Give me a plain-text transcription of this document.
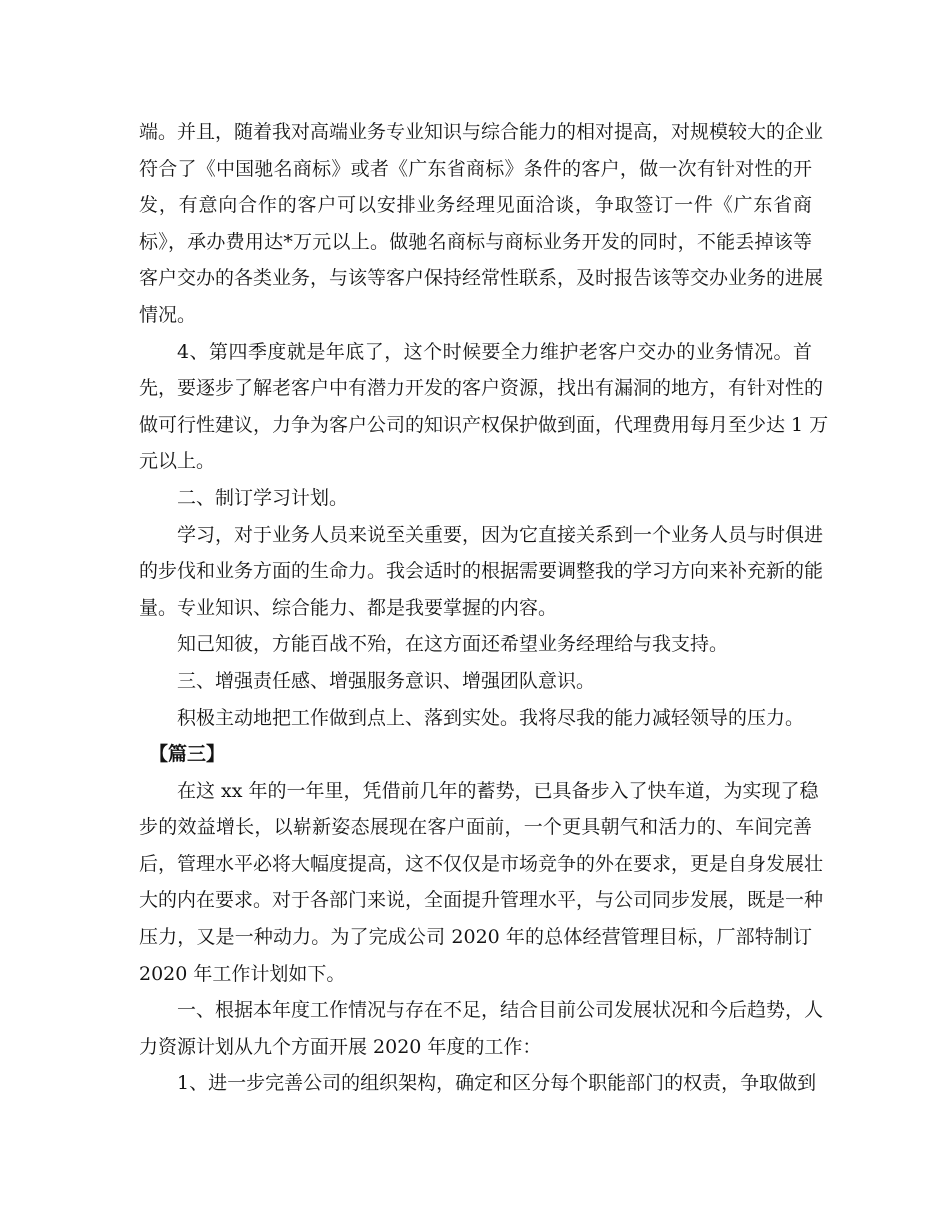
端。并且，随着我对高端业务专业知识与综合能力的相对提高，对规模较大的企业
符合了《中国驰名商标》或者《广东省商标》条件的客户，做一次有针对性的开
发，有意向合作的客户可以安排业务经理见面洽谈，争取签订一件《广东省商
标》，承办费用达*万元以上。做驰名商标与商标业务开发的同时，不能丢掉该等
客户交办的各类业务，与该等客户保持经常性联系，及时报告该等交办业务的进展
情况。
4、第四季度就是年底了，这个时候要全力维护老客户交办的业务情况。首
先，要逐步了解老客户中有潜力开发的客户资源，找出有漏洞的地方，有针对性的
做可行性建议，力争为客户公司的知识产权保护做到面，代理费用每月至少达 1 万
元以上。
二、制订学习计划。
学习，对于业务人员来说至关重要，因为它直接关系到一个业务人员与时俱进
的步伐和业务方面的生命力。我会适时的根据需要调整我的学习方向来补充新的能
量。专业知识、综合能力、都是我要掌握的内容。
知己知彼，方能百战不殆，在这方面还希望业务经理给与我支持。
三、增强责任感、增强服务意识、增强团队意识。
积极主动地把工作做到点上、落到实处。我将尽我的能力减轻领导的压力。
【篇三】
在这 xx 年的一年里，凭借前几年的蓄势，已具备步入了快车道，为实现了稳
步的效益增长，以崭新姿态展现在客户面前，一个更具朝气和活力的、车间完善
后，管理水平必将大幅度提高，这不仅仅是市场竞争的外在要求，更是自身发展壮
大的内在要求。对于各部门来说，全面提升管理水平，与公司同步发展，既是一种
压力，又是一种动力。为了完成公司 2020 年的总体经营管理目标，厂部特制订
2020 年工作计划如下。
一、根据本年度工作情况与存在不足，结合目前公司发展状况和今后趋势，人
力资源计划从九个方面开展 2020 年度的工作：
1、进一步完善公司的组织架构，确定和区分每个职能部门的权责，争取做到
